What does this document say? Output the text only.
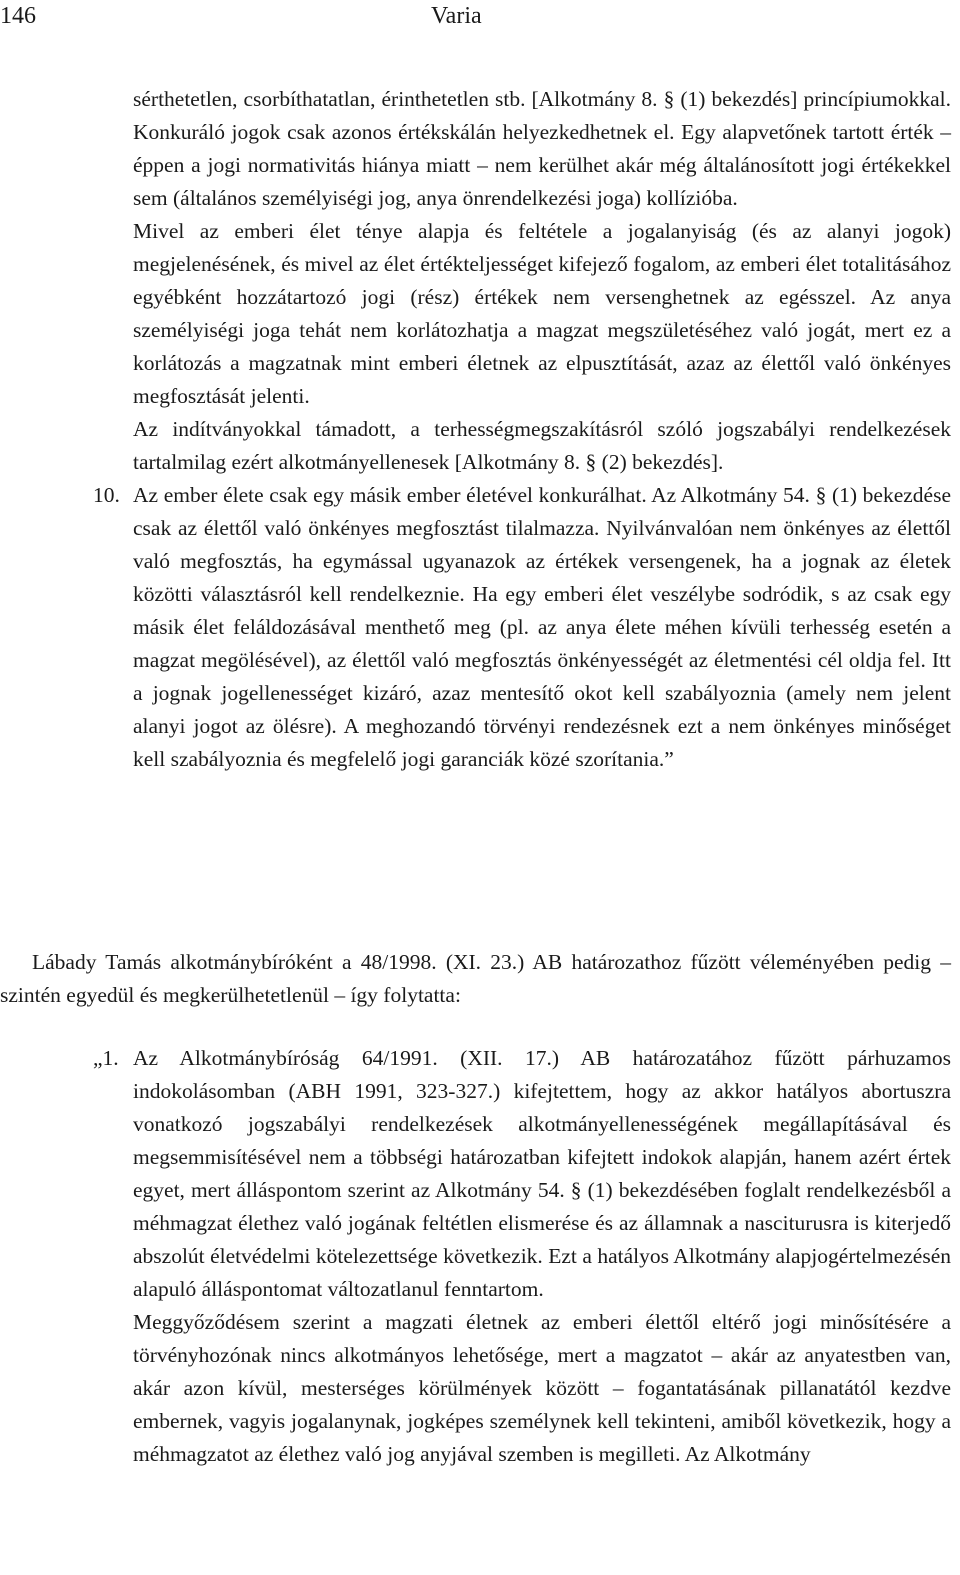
146	Varia

sérthetetlen, csorbíthatatlan, érinthetetlen stb. [Alkotmány 8. § (1) bekezdés] princípiumokkal. Konkuráló jogok csak azonos értékskálán helyezkedhetnek el. Egy alapvetőnek tartott érték – éppen a jogi normativitás hiánya miatt – nem kerülhet akár még általánosított jogi értékekkel sem (általános személyiségi jog, anya önrendelkezési joga) kollízióba.

Mivel az emberi élet ténye alapja és feltétele a jogalanyiság (és az alanyi jogok) megjelenésének, és mivel az élet értékteljességet kifejező fogalom, az emberi élet totalitásához egyébként hozzátartozó jogi (rész) értékek nem versenghetnek az egésszel. Az anya személyiségi joga tehát nem korlátozhatja a magzat megszületéséhez való jogát, mert ez a korlátozás a magzatnak mint emberi életnek az elpusztítását, azaz az élettől való önkényes megfosztását jelenti.

Az indítványokkal támadott, a terhességmegszakításról szóló jogszabályi rendelkezések tartalmilag ezért alkotmányellenesek [Alkotmány 8. § (2) bekezdés].

10. Az ember élete csak egy másik ember életével konkurálhat. Az Alkotmány 54. § (1) bekezdése csak az élettől való önkényes megfosztást tilalmazza. Nyilvánvalóan nem önkényes az élettől való megfosztás, ha egymással ugyanazok az értékek versengenek, ha a jognak az életek közötti választásról kell rendelkeznie. Ha egy emberi élet veszélybe sodródik, s az csak egy másik élet feláldozásával menthető meg (pl. az anya élete méhen kívüli terhesség esetén a magzat megölésével), az élettől való megfosztás önkényességét az életmentési cél oldja fel. Itt a jognak jogellenességet kizáró, azaz mentesítő okot kell szabályoznia (amely nem jelent alanyi jogot az ölésre). A meghozandó törvényi rendezésnek ezt a nem önkényes minőséget kell szabályoznia és megfelelő jogi garanciák közé szorítania.”

Lábady Tamás alkotmánybíróként a 48/1998. (XI. 23.) AB határozathoz fűzött véleményében pedig – szintén egyedül és megkerülhetetlenül – így folytatta:

„1. Az Alkotmánybíróság 64/1991. (XII. 17.) AB határozatához fűzött párhuzamos indokolásomban (ABH 1991, 323-327.) kifejtettem, hogy az akkor hatályos abortuszra vonatkozó jogszabályi rendelkezések alkotmányellenességének megállapításával és megsemmisítésével nem a többségi határozatban kifejtett indokok alapján, hanem azért értek egyet, mert álláspontom szerint az Alkotmány 54. § (1) bekezdésében foglalt rendelkezésből a méhmagzat élethez való jogának feltétlen elismerése és az államnak a nasciturusra is kiterjedő abszolút életvédelmi kötelezettsége következik. Ezt a hatályos Alkotmány alapjogértelmezésén alapuló álláspontomat változatlanul fenntartom.

Meggyőződésem szerint a magzati életnek az emberi élettől eltérő jogi minősítésére a törvényhozónak nincs alkotmányos lehetősége, mert a magzatot – akár az anyatestben van, akár azon kívül, mesterséges körülmények között – fogantatásának pillanatától kezdve embernek, vagyis jogalanynak, jogképes személynek kell tekinteni, amiből következik, hogy a méhmagzatot az élethez való jog anyjával szemben is megilleti. Az Alkotmány
